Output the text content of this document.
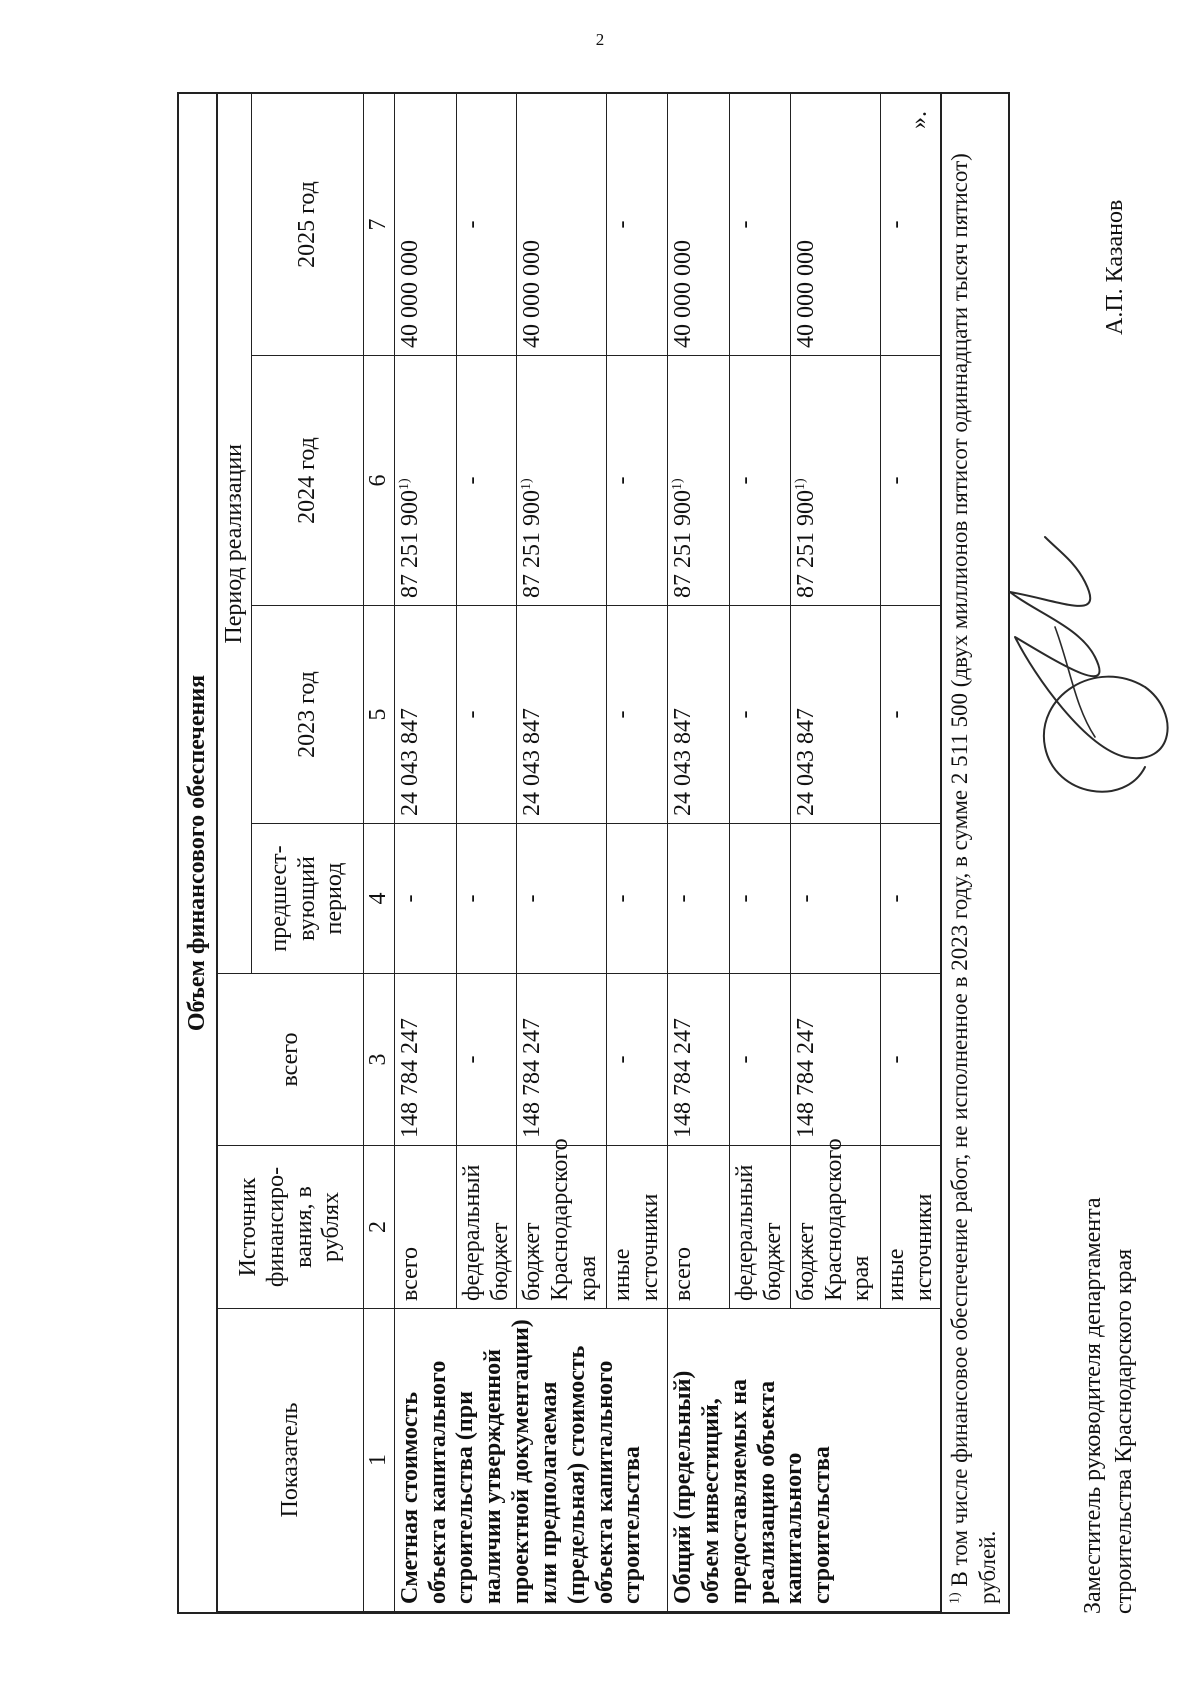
2
Объем финансового обеспечения
Показатель	Источник финансиро-вания, в рублях	всего	Период реализации			
			предшест-вующий период	2023 год	2024 год	2025 год
1	2	3	4	5	6	7
Сметная стоимость объекта капитального строительства (при наличии утвержденной проектной документации) или предполагаемая (предельная) стоимость объекта капитального строительства	всего	148 784 247	-	24 043 847	87 251 900$^{1)}$	40 000 000
	федеральный бюджет	-	-	-	-	-
	бюджет Краснодарского края	148 784 247	-	24 043 847	87 251 900$^{1)}$	40 000 000
	иные источники	-	-	-	-	-
Общий (предельный) объем инвестиций, предоставляемых на реализацию объекта капитального строительства	всего	148 784 247	-	24 043 847	87 251 900$^{1)}$	40 000 000
	федеральный бюджет	-	-	-	-	-
	бюджет Краснодарского края	148 784 247	-	24 043 847	87 251 900$^{1)}$	40 000 000
	иные источники	-	-	-	-	-
$^{1)}$ В том числе финансовое обеспечение работ, не исполненное в 2023 году, в сумме 2 511 500 (двух миллионов пятисот одиннадцати тысяч пятисот) рублей.
».
Заместитель руководителя департамента строительства Краснодарского края
А.П. Казанов
